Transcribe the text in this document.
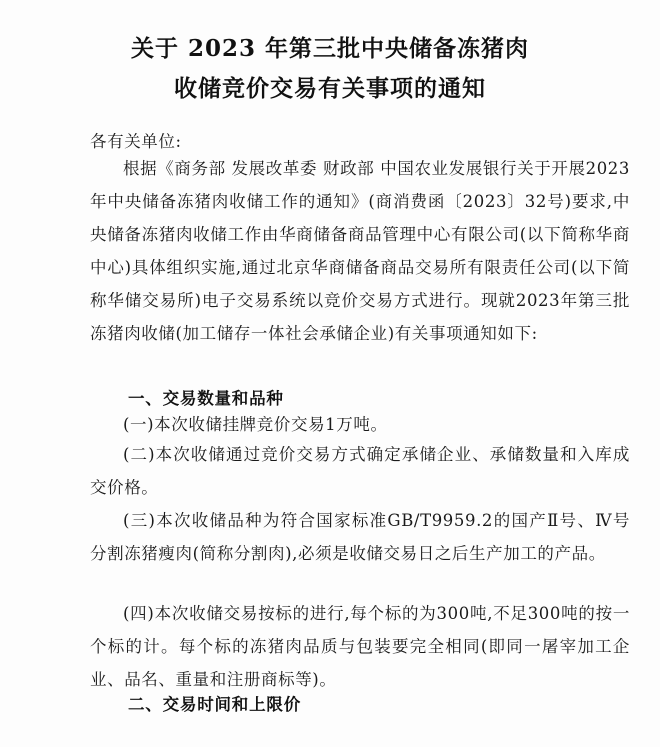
关于 2023 年第三批中央储备冻猪肉
收储竞价交易有关事项的通知
各有关单位:

根据《商务部 发展改革委 财政部 中国农业发展银行关于开展2023年中央储备冻猪肉收储工作的通知》(商消费函〔2023〕32号)要求,中央储备冻猪肉收储工作由华商储备商品管理中心有限公司(以下简称华商中心)具体组织实施,通过北京华商储备商品交易所有限责任公司(以下简称华储交易所)电子交易系统以竞价交易方式进行。现就2023年第三批冻猪肉收储(加工储存一体社会承储企业)有关事项通知如下:

一、交易数量和品种

(一)本次收储挂牌竞价交易1万吨。

(二)本次收储通过竞价交易方式确定承储企业、承储数量和入库成交价格。

(三)本次收储品种为符合国家标准GB/T9959.2的国产Ⅱ号、Ⅳ号分割冻猪瘦肉(简称分割肉),必须是收储交易日之后生产加工的产品。

(四)本次收储交易按标的进行,每个标的为300吨,不足300吨的按一个标的计。每个标的冻猪肉品质与包装要完全相同(即同一屠宰加工企业、品名、重量和注册商标等)。

二、交易时间和上限价
